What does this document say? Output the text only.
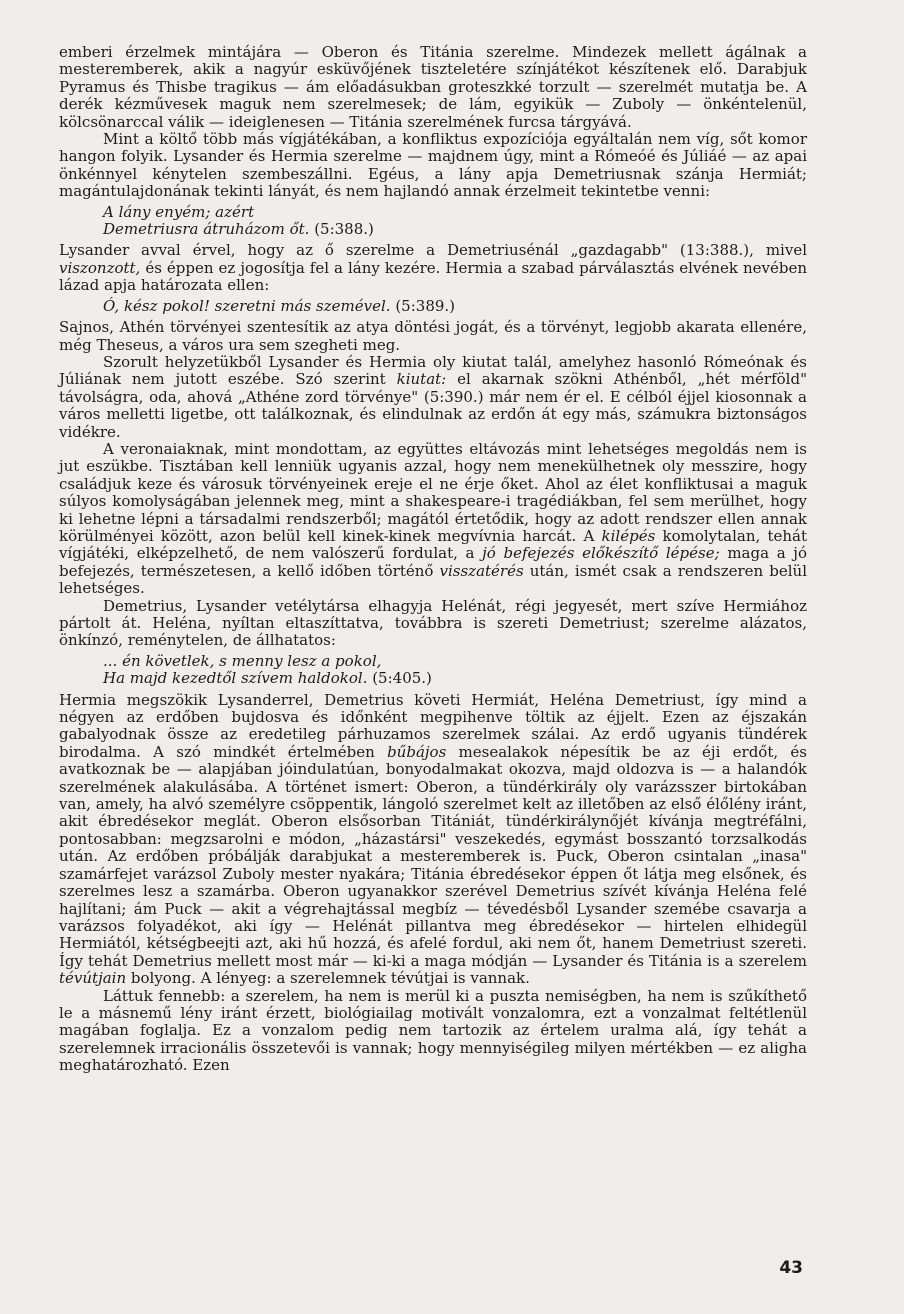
emberi érzelmek mintájára — Oberon és Titánia szerelme. Mindezek mellett ágálnak a mesteremberek, akik a nagyúr esküvőjének tiszteletére színjátékot készítenek elő. Darabjuk Pyramus és Thisbe tragikus — ám előadásukban groteszkké torzult — szerelmét mutatja be. A derék kézművesek maguk nem szerelmesek; de lám, egyikük — Zuboly — önkéntelenül, kölcsönarccal válik — ideiglenesen — Titánia szerelmének furcsa tárgyává.

Mint a költő több más vígjátékában, a konfliktus expozíciója egyáltalán nem víg, sőt komor hangon folyik. Lysander és Hermia szerelme — majdnem úgy, mint a Rómeóé és Júliáé — az apai önkénnyel kénytelen szembeszállni. Egéus, a lány apja Demetriusnak szánja Hermiát; magántulajdonának tekinti lányát, és nem hajlandó annak érzelmeit tekintetbe venni:

A lány enyém; azért
Demetriusra átruházom őt. (5:388.)

Lysander avval érvel, hogy az ő szerelme a Demetriusénál „gazdagabb" (13:388.), mivel viszonzott, és éppen ez jogosítja fel a lány kezére. Hermia a szabad párválasztás elvének nevében lázad apja határozata ellen:

Ó, kész pokol! szeretni más szemével. (5:389.)

Sajnos, Athén törvényei szentesítik az atya döntési jogát, és a törvényt, legjobb akarata ellenére, még Theseus, a város ura sem szegheti meg.

Szorult helyzetükből Lysander és Hermia oly kiutat talál, amelyhez hasonló Rómeónak és Júliának nem jutott eszébe. Szó szerint kiutat: el akarnak szökni Athénből, „hét mérföld" távolságra, oda, ahová „Athéne zord törvénye" (5:390.) már nem ér el. E célból éjjel kiosonnak a város melletti ligetbe, ott találkoznak, és elindulnak az erdőn át egy más, számukra biztonságos vidékre.

A veronaiaknak, mint mondottam, az együttes eltávozás mint lehetséges megoldás nem is jut eszükbe. Tisztában kell lenniük ugyanis azzal, hogy nem menekülhetnek oly messzire, hogy családjuk keze és városuk törvényeinek ereje el ne érje őket. Ahol az élet konfliktusai a maguk súlyos komolyságában jelennek meg, mint a shakespeare-i tragédiákban, fel sem merülhet, hogy ki lehetne lépni a társadalmi rendszerből; magától értetődik, hogy az adott rendszer ellen annak körülményei között, azon belül kell kinek-kinek megvívnia harcát. A kilépés komolytalan, tehát vígjátéki, elképzelhető, de nem valószerű fordulat, a jó befejezés előkészítő lépése; maga a jó befejezés, természetesen, a kellő időben történő visszatérés után, ismét csak a rendszeren belül lehetséges.

Demetrius, Lysander vetélytársa elhagyja Helénát, régi jegyesét, mert szíve Hermiához pártolt át. Heléna, nyíltan eltaszíttatva, továbbra is szereti Demetriust; szerelme alázatos, önkínzó, reménytelen, de állhatatos:

... én követlek, s menny lesz a pokol,
Ha majd kezedtől szívem haldokol. (5:405.)

Hermia megszökik Lysanderrel, Demetrius követi Hermiát, Heléna Demetriust, így mind a négyen az erdőben bujdosva és időnként megpihenve töltik az éjjelt. Ezen az éjszakán gabalyodnak össze az eredetileg párhuzamos szerelmek szálai. Az erdő ugyanis tündérek birodalma. A szó mindkét értelmében bűbájos mesealakok népesítik be az éji erdőt, és avatkoznak be — alapjában jóindulatúan, bonyodalmakat okozva, majd oldozva is — a halandók szerelmének alakulásába. A történet ismert: Oberon, a tündérkirály oly varázsszer birtokában van, amely, ha alvó személyre csöppentik, lángoló szerelmet kelt az illetőben az első élőlény iránt, akit ébredésekor meglát. Oberon elsősorban Titániát, tündérkirálynőjét kívánja megtréfálni, pontosabban: megzsarolni e módon, „házastársi" veszekedés, egymást bosszantó torzsalkodás után. Az erdőben próbálják darabjukat a mesteremberek is. Puck, Oberon csintalan „inasa" szamárfejet varázsol Zuboly mester nyakára; Titánia ébredésekor éppen őt látja meg elsőnek, és szerelmes lesz a szamárba. Oberon ugyanakkor szerével Demetrius szívét kívánja Heléna felé hajlítani; ám Puck — akit a végrehajtással megbíz — tévedésből Lysander szemébe csavarja a varázsos folyadékot, aki így — Helénát pillantva meg ébredésekor — hirtelen elhidegül Hermiától, kétségbeejti azt, aki hű hozzá, és afelé fordul, aki nem őt, hanem Demetriust szereti. Így tehát Demetrius mellett most már — ki-ki a maga módján — Lysander és Titánia is a szerelem tévútjain bolyong. A lényeg: a szerelemnek tévútjai is vannak.

Láttuk fennebb: a szerelem, ha nem is merül ki a puszta nemiségben, ha nem is szűkíthető le a másnemű lény iránt érzett, biológiailag motivált vonzalomra, ezt a vonzalmat feltétlenül magában foglalja. Ez a vonzalom pedig nem tartozik az értelem uralma alá, így tehát a szerelemnek irracionális összetevői is vannak; hogy mennyiségileg milyen mértékben — ez aligha meghatározható. Ezen

43
